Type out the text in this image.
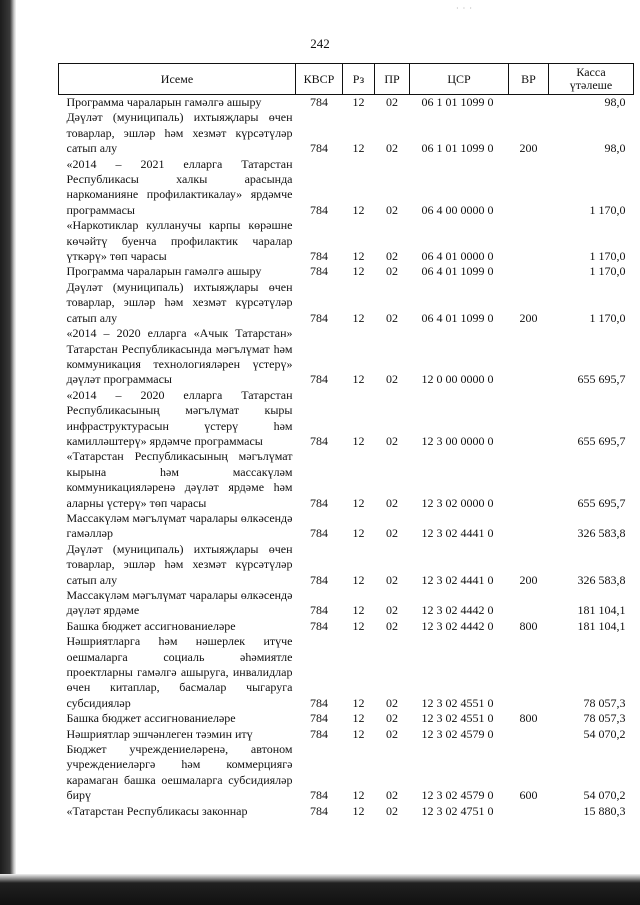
· · ·
242
Исеме	КВСР	Рз	ПР	ЦСР	ВР	Касса
үтәлеше
Программа чараларын гамәлгә ашыру	784	12	02	06 1 01 1099 0		98,0
Дәүләт (муниципаль) ихтыяҗлары өчен товарлар, эшләр һәм хезмәт күрсәтүләр сатып алу	784	12	02	06 1 01 1099 0	200	98,0
«2014 – 2021 елларга Татарстан Республикасы халкы арасында наркоманияне профилактикалау» ярдәмче программасы	784	12	02	06 4 00 0000 0		1 170,0
«Наркотиклар кулланучы карпы көрәшне көчәйтү буенча профилактик чаралар үткәрү» төп чарасы	784	12	02	06 4 01 0000 0		1 170,0
Программа чараларын гамәлгә ашыру	784	12	02	06 4 01 1099 0		1 170,0
Дәүләт (муниципаль) ихтыяҗлары өчен товарлар, эшләр һәм хезмәт күрсәтүләр сатып алу	784	12	02	06 4 01 1099 0	200	1 170,0
«2014 – 2020 елларга «Ачык Татарстан» Татарстан Республикасында мәгълүмат һәм коммуникация технологияләрен үстерү» дәүләт программасы	784	12	02	12 0 00 0000 0		655 695,7
«2014 – 2020 елларга Татарстан Республикасының мәгълүмат кыры инфраструктурасын үстерү һәм камилләштерү» ярдәмче программасы	784	12	02	12 3 00 0000 0		655 695,7
«Татарстан Республикасының мәгълүмат кырына һәм массакүләм коммуникацияләренә дәүләт ярдәме һәм аларны үстерү» төп чарасы	784	12	02	12 3 02 0000 0		655 695,7
Массакүләм мәгълүмат чаралары өлкәсендә гамәлләр	784	12	02	12 3 02 4441 0		326 583,8
Дәүләт (муниципаль) ихтыяҗлары өчен товарлар, эшләр һәм хезмәт күрсәтүләр сатып алу	784	12	02	12 3 02 4441 0	200	326 583,8
Массакүләм мәгълүмат чаралары өлкәсендә дәүләт ярдәме	784	12	02	12 3 02 4442 0		181 104,1
Башка бюджет ассигнованиеләре	784	12	02	12 3 02 4442 0	800	181 104,1
Нәшриятларга һәм нәшерлек итүче оешмаларга социаль әһәмиятле проектларны гамәлгә ашыруга, инвалидлар өчен китаплар, басмалар чыгаруга субсидияләр	784	12	02	12 3 02 4551 0		78 057,3
Башка бюджет ассигнованиеләре	784	12	02	12 3 02 4551 0	800	78 057,3
Нәшриятлар эшчәнлеген тәэмин итү	784	12	02	12 3 02 4579 0		54 070,2
Бюджет учреждениеләренә, автоном учреждениеләргә һәм коммерциягә карамаган башка оешмаларга субсидияләр бирү	784	12	02	12 3 02 4579 0	600	54 070,2
«Татарстан Республикасы законнар	784	12	02	12 3 02 4751 0		15 880,3
